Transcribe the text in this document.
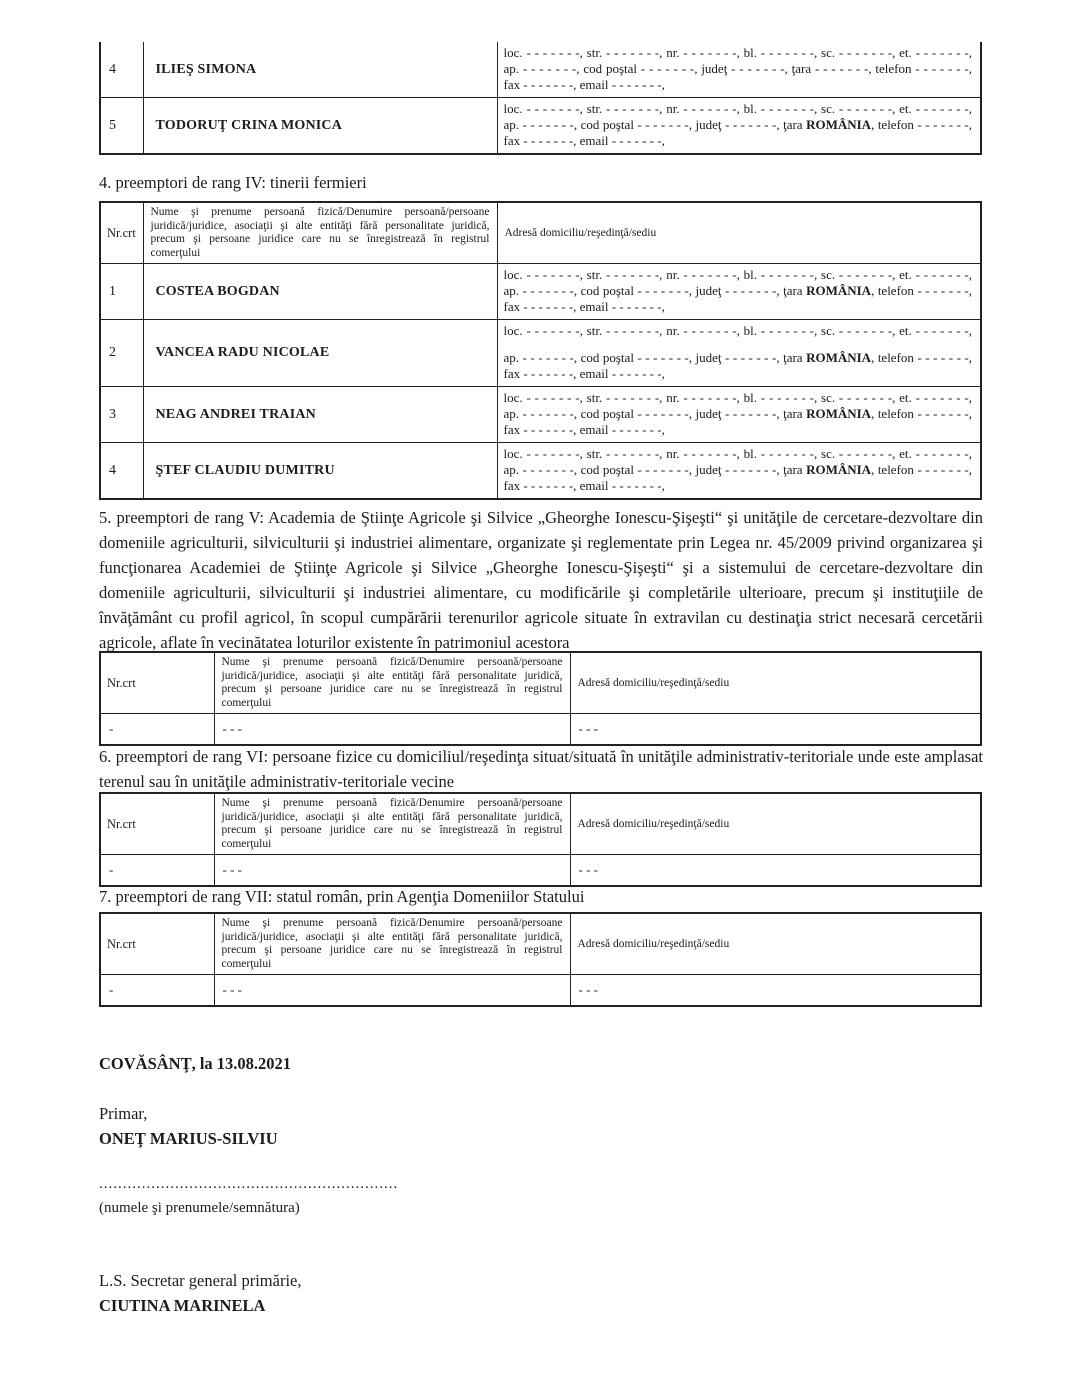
4	ILIEŞ SIMONA	loc. - - - - - - -, str. - - - - - - -, nr. - - - - - - -, bl. - - - - - - -, sc. - - - - - - -, et. - - - - - - -,
ap. - - - - - - -, cod poştal - - - - - - -, judeţ - - - - - - -, ţara - - - - - - -, telefon - - - - - - -,
fax - - - - - - -, email - - - - - - -,

5	TODORUŢ CRINA MONICA	loc. - - - - - - -, str. - - - - - - -, nr. - - - - - - -, bl. - - - - - - -, sc. - - - - - - -, et. - - - - - - -,
ap. - - - - - - -, cod poştal - - - - - - -, judeţ - - - - - - -, ţara ROMÂNIA, telefon - - - - - - -,
fax - - - - - - -, email - - - - - - -,
4. preemptori de rang IV: tinerii fermieri
Nr.crt	Nume şi prenume persoană fizică/Denumire persoană/persoane juridică/juridice, asociaţii şi alte entităţi fără personalitate juridică, precum şi persoane juridice care nu se înregistrează în registrul comerţului	Adresă domiciliu/reşedinţă/sediu
1	COSTEA BOGDAN	loc. - - - - - - -, str. - - - - - - -, nr. - - - - - - -, bl. - - - - - - -, sc. - - - - - - -, et. - - - - - - -,
ap. - - - - - - -, cod poştal - - - - - - -, judeţ - - - - - - -, ţara ROMÂNIA, telefon - - - - - - -,
fax - - - - - - -, email - - - - - - -,

2	VANCEA RADU NICOLAE	loc. - - - - - - -, str. - - - - - - -, nr. - - - - - - -, bl. - - - - - - -, sc. - - - - - - -, et. - - - - - - -,
ap. - - - - - - -, cod poştal - - - - - - -, judeţ - - - - - - -, ţara ROMÂNIA, telefon - - - - - - -,
fax - - - - - - -, email - - - - - - -,

3	NEAG ANDREI TRAIAN	loc. - - - - - - -, str. - - - - - - -, nr. - - - - - - -, bl. - - - - - - -, sc. - - - - - - -, et. - - - - - - -,
ap. - - - - - - -, cod poştal - - - - - - -, judeţ - - - - - - -, ţara ROMÂNIA, telefon - - - - - - -,
fax - - - - - - -, email - - - - - - -,

4	ŞTEF CLAUDIU DUMITRU	loc. - - - - - - -, str. - - - - - - -, nr. - - - - - - -, bl. - - - - - - -, sc. - - - - - - -, et. - - - - - - -,
ap. - - - - - - -, cod poştal - - - - - - -, judeţ - - - - - - -, ţara ROMÂNIA, telefon - - - - - - -,
fax - - - - - - -, email - - - - - - -,
5. preemptori de rang V: Academia de Ştiinţe Agricole şi Silvice „Gheorghe Ionescu-Şişeşti“ şi unităţile de cercetare-dezvoltare din domeniile agriculturii, silviculturii şi industriei alimentare, organizate şi reglementate prin Legea nr. 45/2009 privind organizarea şi funcţionarea Academiei de Ştiinţe Agricole şi Silvice „Gheorghe Ionescu-Şişeşti“ şi a sistemului de cercetare-dezvoltare din domeniile agriculturii, silviculturii şi industriei alimentare, cu modificările şi completările ulterioare, precum şi instituţiile de învăţământ cu profil agricol, în scopul cumpărării terenurilor agricole situate în extravilan cu destinaţia strict necesară cercetării agricole, aflate în vecinătatea loturilor existente în patrimoniul acestora
Nr.crt	Nume şi prenume persoană fizică/Denumire persoană/persoane juridică/juridice, asociaţii şi alte entităţi fără personalitate juridică, precum şi persoane juridice care nu se înregistrează în registrul comerţului	Adresă domiciliu/reşedinţă/sediu
-	- - -	- - -
6. preemptori de rang VI: persoane fizice cu domiciliul/reşedinţa situat/situată în unităţile administrativ-teritoriale unde este amplasat terenul sau în unităţile administrativ-teritoriale vecine
Nr.crt	Nume şi prenume persoană fizică/Denumire persoană/persoane juridică/juridice, asociaţii şi alte entităţi fără personalitate juridică, precum şi persoane juridice care nu se înregistrează în registrul comerţului	Adresă domiciliu/reşedinţă/sediu
-	- - -	- - -
7. preemptori de rang VII: statul român, prin Agenţia Domeniilor Statului
Nr.crt	Nume şi prenume persoană fizică/Denumire persoană/persoane juridică/juridice, asociaţii şi alte entităţi fără personalitate juridică, precum şi persoane juridice care nu se înregistrează în registrul comerţului	Adresă domiciliu/reşedinţă/sediu
-	- - -	- - -
COVĂSÂNŢ, la 13.08.2021
Primar,
ONEŢ MARIUS-SILVIU
...............................................................
(numele şi prenumele/semnătura)
L.S. Secretar general primărie,
CIUTINA MARINELA
